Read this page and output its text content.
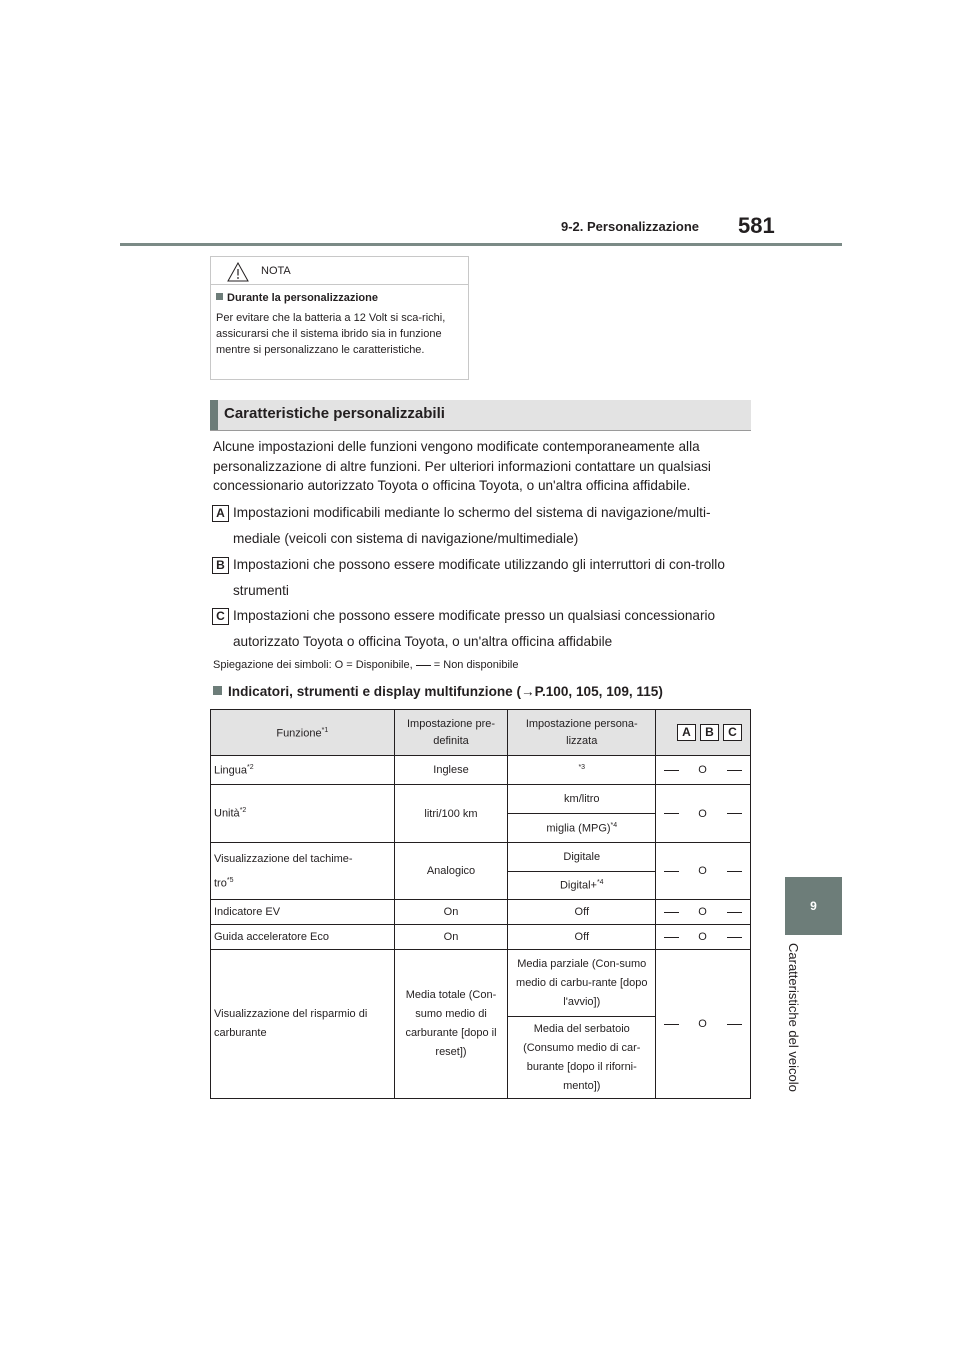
9-2. Personalizzazione 581
9
Caratteristiche del veicolo
NOTA
Durante la personalizzazione
Per evitare che la batteria a 12 Volt si sca-richi, assicurarsi che il sistema ibrido sia in funzione mentre si personalizzano le caratteristiche.
Caratteristiche personalizzabili
Alcune impostazioni delle funzioni vengono modificate contemporaneamente alla personalizzazione di altre funzioni. Per ulteriori informazioni contattare un qualsiasi concessionario autorizzato Toyota o officina Toyota, o un'altra officina affidabile.
A Impostazioni modificabili mediante lo schermo del sistema di navigazione/multi-mediale (veicoli con sistema di navigazione/multimediale)
B Impostazioni che possono essere modificate utilizzando gli interruttori di con-trollo strumenti
C Impostazioni che possono essere modificate presso un qualsiasi concessionario autorizzato Toyota o officina Toyota, o un'altra officina affidabile
Spiegazione dei simboli: O = Disponibile, = Non disponibile
Indicatori, strumenti e display multifunzione (→P.100, 105, 109, 115)
Funzione$^{*1}$	Impostazione pre-definita	Impostazione persona-lizzata	A B C		
Lingua$^{*2}$	Inglese	$^{*3}$		O	
Unità$^{*2}$	litri/100 km	km/litro		O	
		miglia (MPG)$^{*4}$
Visualizzazione del tachime-
tro$^{*5}$	Analogico	Digitale		O	
		Digital+$^{*4}$
Indicatore EV	On	Off		O	
Guida acceleratore Eco	On	Off		O	
Visualizzazione del risparmio di carburante	Media totale (Con-sumo medio di carburante [dopo il reset])	Media parziale (Con-sumo medio di carbu-rante [dopo l'avvio])		O	
		Media del serbatoio (Consumo medio di car-burante [dopo il riforni-mento])			
